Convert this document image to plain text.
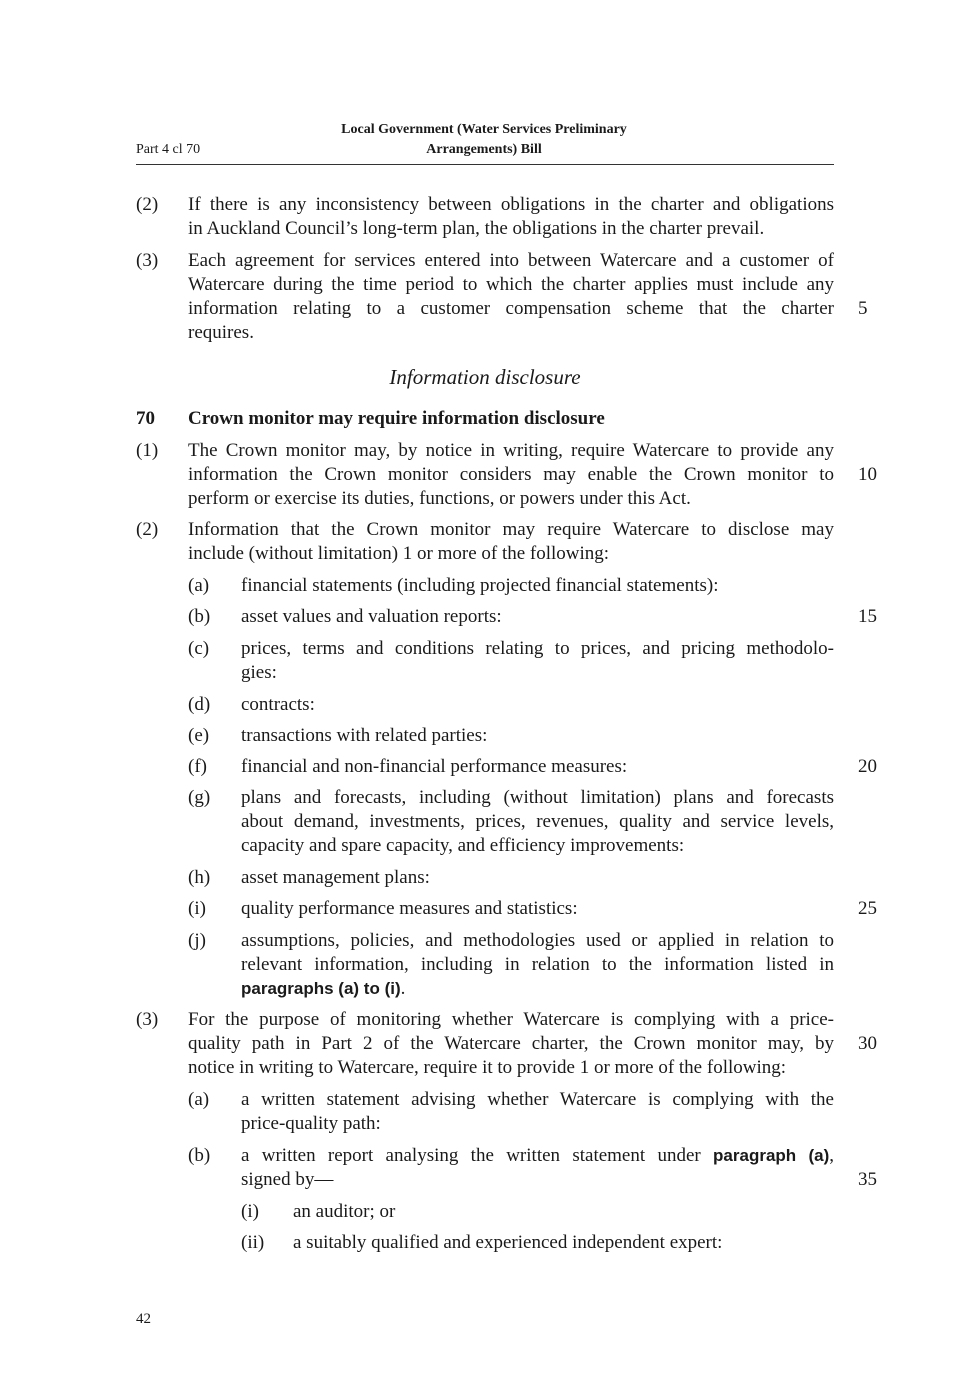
Part 4 cl 70
Local Government (Water Services Preliminary
Arrangements) Bill
Information disclosure
70 Crown monitor may require information disclosure
(2) If there is any inconsistency between obligations in the charter and obligations
in Auckland Council’s long-term plan, the obligations in the charter prevail.
(3) Each agreement for services entered into between Watercare and a customer of
Watercare during the time period to which the charter applies must include any
information relating to a customer compensation scheme that the charter
requires.
(1) The Crown monitor may, by notice in writing, require Watercare to provide any
information the Crown monitor considers may enable the Crown monitor to
perform or exercise its duties, functions, or powers under this Act.
(2) Information that the Crown monitor may require Watercare to disclose may
include (without limitation) 1 or more of the following:
(a) financial statements (including projected financial statements):
(b) asset values and valuation reports:
(c) prices, terms and conditions relating to prices, and pricing methodolo-
gies:
(d) contracts:
(e) transactions with related parties:
(f) financial and non-financial performance measures:
(g) plans and forecasts, including (without limitation) plans and forecasts
about demand, investments, prices, revenues, quality and service levels,
capacity and spare capacity, and efficiency improvements:
(h) asset management plans:
(i) quality performance measures and statistics:
(j) assumptions, policies, and methodologies used or applied in relation to
relevant information, including in relation to the information listed in
paragraphs (a) to (i).
(3) For the purpose of monitoring whether Watercare is complying with a price-
quality path in Part 2 of the Watercare charter, the Crown monitor may, by
notice in writing to Watercare, require it to provide 1 or more of the following:
(a) a written statement advising whether Watercare is complying with the
price-quality path:
(b) a written report analysing the written statement under paragraph (a),
signed by—
(i) an auditor; or
(ii) a suitably qualified and experienced independent expert:
5
10
15
20
25
30
35
42
